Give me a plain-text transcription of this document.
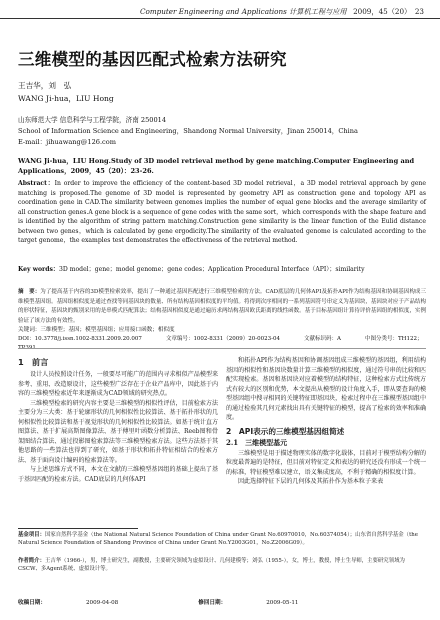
Computer Engineering and Applications 计算机工程与应用 2009，45（20）　 23
三维模型的基因匹配式检索方法研究
王吉华，刘　弘
WANG Ji-hua，LIU Hong
山东师范大学 信息科学与工程学院，济南 250014
School of Information Science and Engineering，Shandong Normal University，Jinan 250014，China
E-mail：jihuawang@126.com
WANG Ji-hua，LIU Hong.Study of 3D model retrieval method by gene matching.Computer Engineering and Applications，2009，45（20）：23-26.
Abstract：In order to improve the efficiency of the content-based 3D model retrieval，a 3D model retrieval approach by gene matching is proposed.The genome of 3D model is represented by geometry API as construction gene and topology API as coordination gene in CAD.The similarity between genomes implies the number of equal gene blocks and the average similarity of all construction genes.A gene block is a sequence of gene codes with the same sort，which corresponds with the shape feature and is identified by the algorithm of string pattern matching.Construction gene similarity is the linear function of the Eulid distance between two genes，which is calculated by gene ergodicity.The similarity of the evaluated genome is calculated according to the target genome，the examples test demonstrates the effectiveness of the retrieval method.
Key words：3D model；gene；model genome；gene codes；Application Procedural Interface（API）；similarity
摘　要：为了提高基于内容的3D模型检索效率，提出了一种通过基因匹配进行三维模型检索的方法。CAD底层的几何体API及拓扑API作为结构基因和协调基因构成三维模型基因组。基因组相似度是通过查找等同基因块的数量、所有结构基因相似度的平均值。将得到次序相同的一系列基因符号串定义为基因块，基因块对应于产品结构的形状特征，基因块的甄别采用的是串模式匹配算法；结构基因相似度是通过遍历求两结构基因欧氏距离的线性函数。基于目标基因组计算待评价基因组的相似度，实例验证了该方法的有效性。
关键词：三维模型；基因；模型基因组；应用接口函数；相似度
DOI：10.3778/j.issn.1002-8331.2009.20.007	文章编号：1002-8331（2009）20-0023-04	文献标识码：A	中图分类号：TH122；
1　前言

设计人员按照设计任务，一般要尽可能广的范围内寻求相似产品模型来参考、重用、改造原设计，这些模型广泛存在于企业产品库中，因此基于内容的三维模型检索近年来逐渐成为CAD领域的研究热点。

三维模型检索的研究内容主要是三维模型的相似性评估，目前检索方法主要分为三大类：基于轮廓形状的几何相似性比较算法、基于拓扑形状的几何相似性比较算法和基于视觉形状的几何相似性比较算法。如基于统计直方图算法、基于扩展高斯图像算法、基于傅里叶函数分析算法、Reeb图和骨架图结合算法、通过投影图检索算法等三维模型检索方法。这些方法基于其他思路的一些算法也得到了研究，如基于形状和拓扑特征相结合的检索方法、基于面向设计编码的检索算法等。

与上述思维方式不同，本文在文献的三维模型基因组的基础上提出了基于基因匹配的检索方法。CAD底层的几何体API

和拓扑API作为结构基因和协调基因组成三维模型的基因组，利用结构基因的相似性和基因块数量计算三维模型的相似度，通过符号串的比较和匹配实现检索。基因和基因块对应着模型的结构特征，这种检索方式比传统方式有较大的区别和优势，本文提出从模型的设计角度入手，即从要查询的模型基因组中搜寻相同的关键特征即基因块，检索过程中在三维模型基因组中的通过检验其几何元素找出具有关键特征的模型，提高了检索的效率和准确度。

2　API表示的三维模型基因组简述
2.1　三维模型基元

三维模型是用于描述物理实体的数字化载体，目前对于模型结构分解的粒度最普遍的是特征，但目前对特征定义和表达的研究还没有形成一个统一的标准，特征模型难以建立，语义集成度高，不利于精确的相似度计算。

因此选择特征下层的几何体及其拓扑作为基本粒子来表

基金项目：国家自然科学基金（the National Natural Science Foundation of China under Grant No.60970010，No.60374054）；山东省自然科学基金（the Natural Science Foundation of Shandong Province of China under Grant No.Y2003G01，No.Z2006G09）。
作者简介：王吉华（1966-），男，博士研究生，副教授，主要研究领域为虚拟设计、几何建模等；刘弘（1955-），女，博士，教授，博士生导师，主要研究领域为CSCW、多Agent系统、虚拟设计等。
收稿日期：	2009-04-08	修回日期：	2009-05-11
